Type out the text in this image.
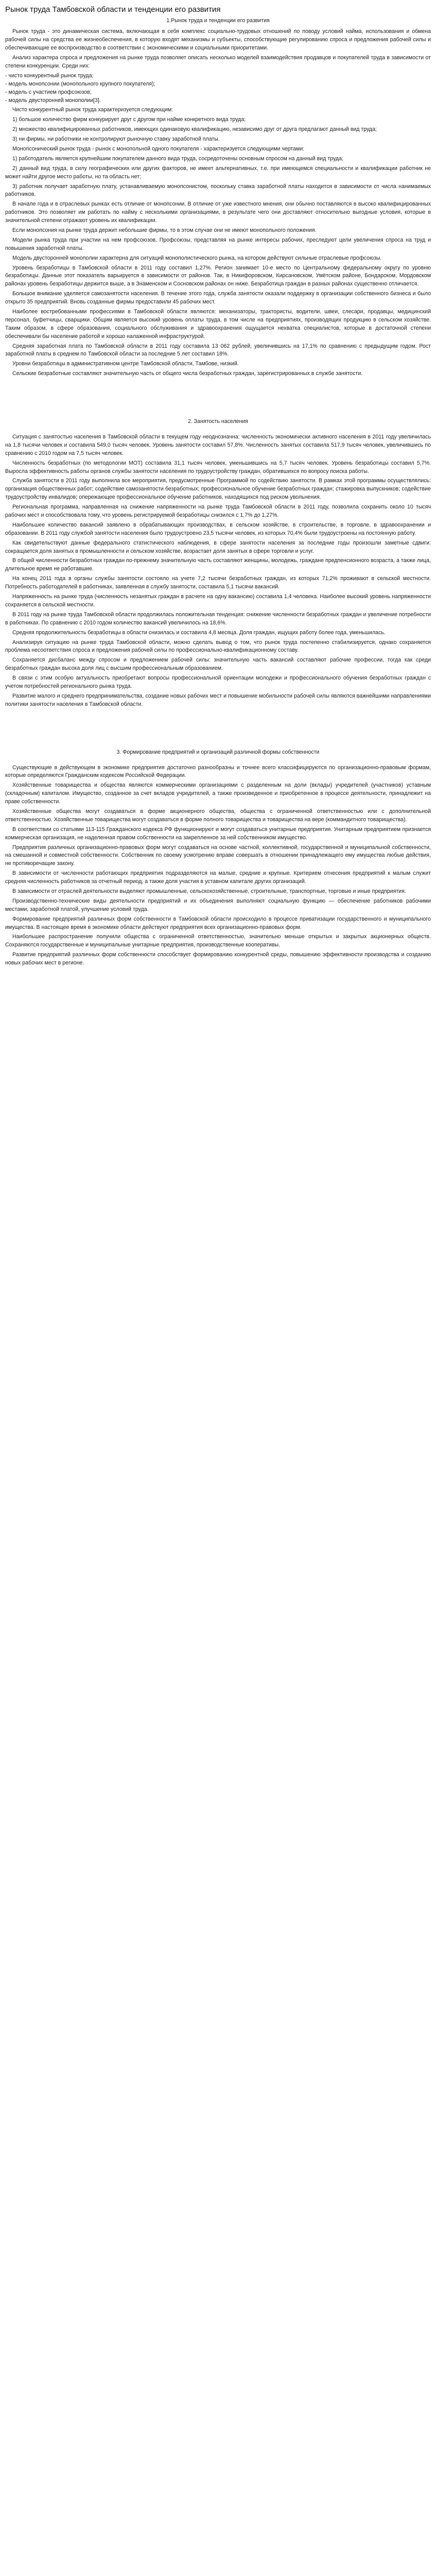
Рынок труда Тамбовской области и тенденции его развития
1.Рынок труда и тенденции его развития

Рынок труда - это динамическая система, включающая в себя комплекс социально-трудовых отношений по поводу условий найма, использования и обмена рабочей силы на средства ее жизнеобеспечения, в которую входят механизмы и субъекты, способствующие регулированию спроса и предложения рабочей силы и обеспечивающие ее воспроизводство в соответствии с экономическими и социальными приоритетами.

Анализ характера спроса и предложения на рынке труда позволяет описать несколько моделей взаимодействия продавцов и покупателей труда в зависимости от степени конкуренции. Среди них:

- чисто конкурентный рынок труда;
- модель монопсонии (монопольного крупного покупателя);
- модель с участием профсоюзов;
- модель двусторонней монополии[3].

Чисто конкурентный рынок труда характеризуется следующим:

1) большое количество фирм конкурирует друг с другом при найме конкретного вида труда;

2) множество квалифицированных работников, имеющих одинаковую квалификацию, независимо друг от друга предлагают данный вид труда;

3) ни фирмы, ни работники не контролируют рыночную ставку заработной платы.

Монопсонический рынок труда - рынок с монопольной одного покупателя - характеризуется следующими чертами:

1) работодатель является крупнейшим покупателем данного вида труда, сосредоточены основным спросом на данный вид труда;

2) данный вид труда, в силу географических или других факторов, не имеет альтернативных, т.е. при имеющемся специальности и квалификации работник не может найти другое место работы, но та область нет;

3) работник получает заработную плату, устанавливаемую монопсонистом, поскольку ставка заработной платы находится в зависимости от числа нанимаемых работников.

В начале года и в отраслевых рынках есть отличие от монопсонии. В отличие от уже известного мнения, они обычно поставляются в высоко квалифицированных работников. Это позволяет им работать по найму с несколькими организациями, в результате чего они доставляют относительно выгодные условия, которые в значительной степени отражают уровень их квалификации.

Если монопсония на рынке труда держит небольшие фирмы, то в этом случае они не имеют монопольного положения.

Модели рынка труда при участии на нем профсоюзов. Профсоюзы, представляя на рынке интересы рабочих, преследуют цели увеличения спроса на труд и повышения заработной платы.

Модель двусторонней монополии характерна для ситуаций монополистического рынка, на котором действуют сильные отраслевые профсоюзы.

Уровень безработицы в Тамбовской области в 2011 году составил 1,27%. Регион занимает 10-е место по Центральному федеральному округу по уровню безработицы. Данные этот показатель варьируется в зависимости от районов. Так, в Никифоровском, Кирсановском, Умётском районе, Бондарском, Мордовском районах уровень безработицы держится выше, а в Знаменском и Сосновском районах он ниже. Безработица граждан в разных районах существенно отличается.

Большое внимание уделяется самозанятости населения. В течение этого года, служба занятости оказали поддержку в организации собственного бизнеса и было открыто 35 предприятий. Вновь созданные фирмы предоставили 45 рабочих мест.

Наиболее востребованными профессиями в Тамбовской области являются: механизаторы, трактористы, водители, швеи, слесари, продавцы, медицинский персонал, буфетчицы, сварщики. Общим является высокий уровень оплаты труда, в том числе на предприятиях, производящих продукцию в сельском хозяйстве. Таким образом, в сфере образования, социального обслуживания и здравоохранения ощущается нехватка специалистов, которые в достаточной степени обеспечивали бы население работой и хорошо налаженной инфраструктурой.

Средняя заработная плата по Тамбовской области в 2011 году составила 13 062 рублей, увеличившись на 17,1% по сравнению с предыдущим годом. Рост заработной платы в среднем по Тамбовской области за последние 5 лет составил 18%.

Уровни безработицы в административном центре Тамбовской области, Тамбове, низкий.

Сельские безработные составляют значительную часть от общего числа безработных граждан, зарегистрированных в службе занятости.

2. Занятость населения

Ситуация с занятостью населения в Тамбовской области в текущем году неоднозначна: численность экономически активного населения в 2011 году увеличилась на 1,8 тысячи человек и составила 549,0 тысяч человек. Уровень занятости составил 57,8%. Численность занятых составила 517,9 тысяч человек, увеличившись по сравнению с 2010 годом на 7,5 тысяч человек.

Численность безработных (по методологии МОТ) составила 31,1 тысяч человек, уменьшившись на 5,7 тысяч человек. Уровень безработицы составил 5,7%. Выросла эффективность работы органов службы занятости населения по трудоустройству граждан, обратившихся по вопросу поиска работы.

Служба занятости в 2011 году выполнила все мероприятия, предусмотренные Программой по содействию занятости. В рамках этой программы осуществлялись: организация общественных работ; содействие самозанятости безработных; профессиональное обучение безработных граждан; стажировка выпускников; содействие трудоустройству инвалидов; опережающее профессиональное обучение работников, находящихся под риском увольнения.

Региональная программа, направленная на снижение напряженности на рынке труда Тамбовской области в 2011 году, позволила сохранить около 10 тысяч рабочих мест и способствовала тому, что уровень регистрируемой безработицы снизился с 1,7% до 1,27%.

Наибольшее количество вакансий заявлено в обрабатывающих производствах, в сельском хозяйстве, в строительстве, в торговле, в здравоохранении и образовании. В 2011 году службой занятости населения было трудоустроено 23,5 тысячи человек, из которых 70,4% были трудоустроены на постоянную работу.

Как свидетельствуют данные федерального статистического наблюдения, в сфере занятости населения за последние годы произошли заметные сдвиги: сокращается доля занятых в промышленности и сельском хозяйстве, возрастает доля занятых в сфере торговли и услуг.

В общей численности безработных граждан по-прежнему значительную часть составляют женщины, молодежь, граждане предпенсионного возраста, а также лица, длительное время не работавшие.

На конец 2011 года в органы службы занятости состояло на учете 7,2 тысячи безработных граждан, из которых 71,2% проживают в сельской местности. Потребность работодателей в работниках, заявленная в службу занятости, составила 5,1 тысячи вакансий.

Напряженность на рынке труда (численность незанятых граждан в расчете на одну вакансию) составила 1,4 человека. Наиболее высокий уровень напряженности сохраняется в сельской местности.

В 2011 году на рынке труда Тамбовской области продолжилась положительная тенденция: снижение численности безработных граждан и увеличение потребности в работниках. По сравнению с 2010 годом количество вакансий увеличилось на 18,6%.

Средняя продолжительность безработицы в области снизилась и составила 4,8 месяца. Доля граждан, ищущих работу более года, уменьшилась.

Анализируя ситуацию на рынке труда Тамбовской области, можно сделать вывод о том, что рынок труда постепенно стабилизируется, однако сохраняется проблема несоответствия спроса и предложения рабочей силы по профессионально-квалификационному составу.

Сохраняется дисбаланс между спросом и предложением рабочей силы: значительную часть вакансий составляют рабочие профессии, тогда как среди безработных граждан высока доля лиц с высшим профессиональным образованием.

В связи с этим особую актуальность приобретают вопросы профессиональной ориентации молодежи и профессионального обучения безработных граждан с учетом потребностей регионального рынка труда.

Развитие малого и среднего предпринимательства, создание новых рабочих мест и повышение мобильности рабочей силы являются важнейшими направлениями политики занятости населения в Тамбовской области.

3. Формирование предприятий и организаций различной формы собственности

Существующие в действующем в экономике предприятия достаточно разнообразны и точнее всего классифицируются по организационно-правовым формам, которые определяются Гражданским кодексом Российской Федерации.

Хозяйственные товарищества и общества являются коммерческими организациями с разделенным на доли (вклады) учредителей (участников) уставным (складочным) капиталом. Имущество, созданное за счет вкладов учредителей, а также произведенное и приобретенное в процессе деятельности, принадлежит на праве собственности.

Хозяйственные общества могут создаваться в форме акционерного общества, общества с ограниченной ответственностью или с дополнительной ответственностью. Хозяйственные товарищества могут создаваться в форме полного товарищества и товарищества на вере (коммандитного товарищества).

В соответствии со статьями 113-115 Гражданского кодекса РФ функционируют и могут создаваться унитарные предприятия. Унитарным предприятием признается коммерческая организация, не наделенная правом собственности на закрепленное за ней собственником имущество.

Предприятия различных организационно-правовых форм могут создаваться на основе частной, коллективной, государственной и муниципальной собственности, на смешанной и совместной собственности. Собственник по своему усмотрению вправе совершать в отношении принадлежащего ему имущества любые действия, не противоречащие закону.

В зависимости от численности работающих предприятия подразделяются на малые, средние и крупные. Критерием отнесения предприятий к малым служит средняя численность работников за отчетный период, а также доля участия в уставном капитале других организаций.

В зависимости от отраслей деятельности выделяют промышленные, сельскохозяйственные, строительные, транспортные, торговые и иные предприятия.

Производственно-технические виды деятельности предприятий и их объединения выполняют социальную функцию — обеспечение работников рабочими местами, заработной платой, улучшение условий труда.

Формирование предприятий различных форм собственности в Тамбовской области происходило в процессе приватизации государственного и муниципального имущества. В настоящее время в экономике области действуют предприятия всех организационно-правовых форм.

Наибольшее распространение получили общества с ограниченной ответственностью, значительно меньше открытых и закрытых акционерных обществ. Сохраняются государственные и муниципальные унитарные предприятия, производственные кооперативы.

Развитие предприятий различных форм собственности способствует формированию конкурентной среды, повышению эффективности производства и созданию новых рабочих мест в регионе.
